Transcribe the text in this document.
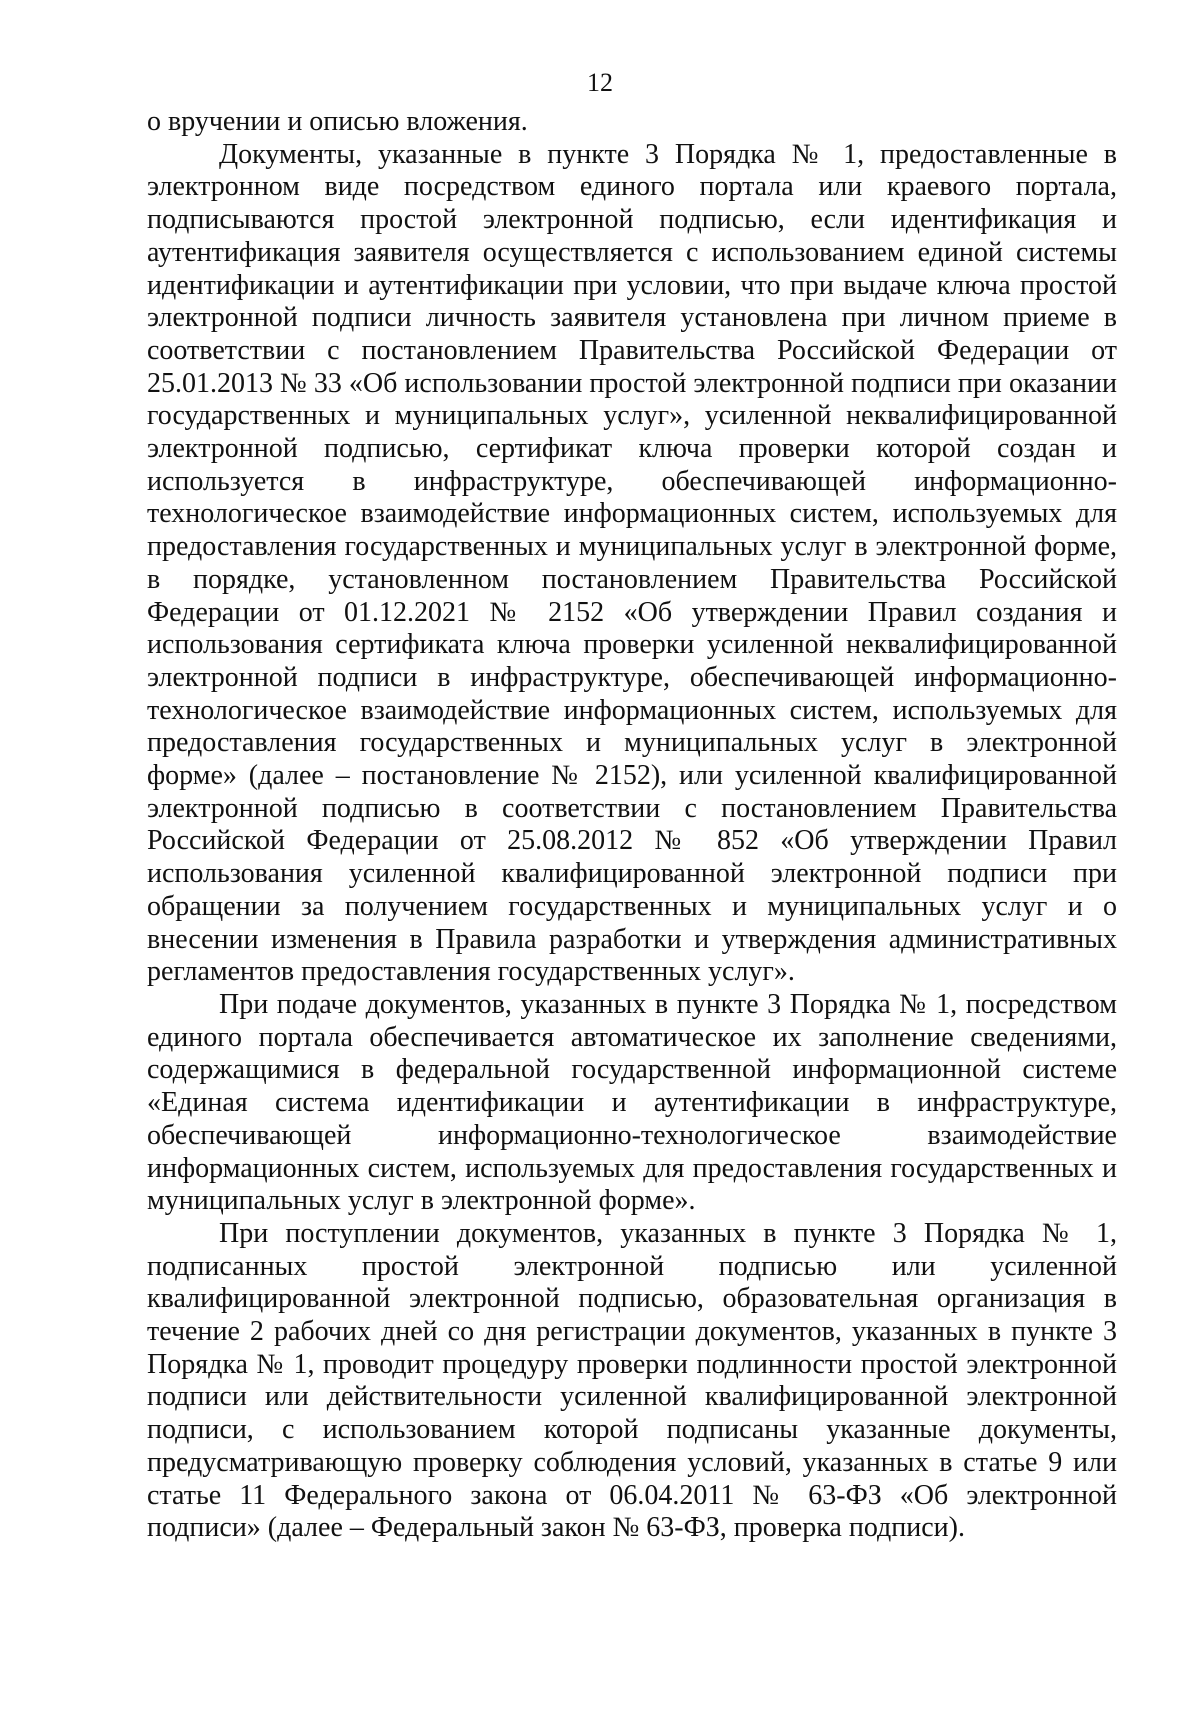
12

о вручении и описью вложения.

Документы, указанные в пункте 3 Порядка № 1, предоставленные в электронном виде посредством единого портала или краевого портала, подписываются простой электронной подписью, если идентификация и аутентификация заявителя осуществляется с использованием единой системы идентификации и аутентификации при условии, что при выдаче ключа простой электронной подписи личность заявителя установлена при личном приеме в соответствии с постановлением Правительства Российской Федерации от 25.01.2013 № 33 «Об использовании простой электронной подписи при оказании государственных и муниципальных услуг», усиленной неквалифицированной электронной подписью, сертификат ключа проверки которой создан и используется в инфраструктуре, обеспечивающей информационно-технологическое взаимодействие информационных систем, используемых для предоставления государственных и муниципальных услуг в электронной форме, в порядке, установленном постановлением Правительства Российской Федерации от 01.12.2021 № 2152 «Об утверждении Правил создания и использования сертификата ключа проверки усиленной неквалифицированной электронной подписи в инфраструктуре, обеспечивающей информационно-технологическое взаимодействие информационных систем, используемых для предоставления государственных и муниципальных услуг в электронной форме» (далее – постановление № 2152), или усиленной квалифицированной электронной подписью в соответствии с постановлением Правительства Российской Федерации от 25.08.2012 № 852 «Об утверждении Правил использования усиленной квалифицированной электронной подписи при обращении за получением государственных и муниципальных услуг и о внесении изменения в Правила разработки и утверждения административных регламентов предоставления государственных услуг».

При подаче документов, указанных в пункте 3 Порядка № 1, посредством единого портала обеспечивается автоматическое их заполнение сведениями, содержащимися в федеральной государственной информационной системе «Единая система идентификации и аутентификации в инфраструктуре, обеспечивающей информационно-технологическое взаимодействие информационных систем, используемых для предоставления государственных и муниципальных услуг в электронной форме».

При поступлении документов, указанных в пункте 3 Порядка № 1, подписанных простой электронной подписью или усиленной квалифицированной электронной подписью, образовательная организация в течение 2 рабочих дней со дня регистрации документов, указанных в пункте 3 Порядка № 1, проводит процедуру проверки подлинности простой электронной подписи или действительности усиленной квалифицированной электронной подписи, с использованием которой подписаны указанные документы, предусматривающую проверку соблюдения условий, указанных в статье 9 или статье 11 Федерального закона от 06.04.2011 № 63-ФЗ «Об электронной подписи» (далее – Федеральный закон № 63-ФЗ, проверка подписи).
